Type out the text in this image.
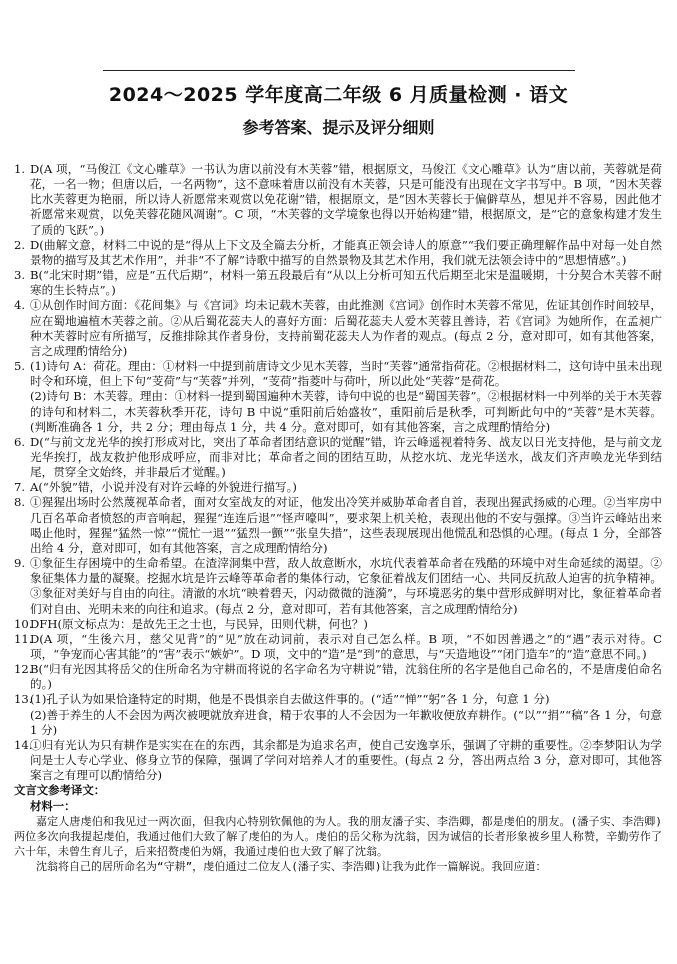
2024～2025 学年度高二年级 6 月质量检测 · 语文
参考答案、提示及评分细则
1. D(A 项，“马俊江《文心雕草》一书认为唐以前没有木芙蓉”错，根据原文，马俊江《文心雕草》认为“唐以前，芙蓉就是荷花，一名一物；但唐以后，一名两物”，这不意味着唐以前没有木芙蓉，只是可能没有出现在文字书写中。B 项，“因木芙蓉比水芙蓉更为艳丽，所以诗人祈愿常来观赏以免花谢”错，根据原文，是“因木芙蓉长于偏僻草丛，想见并不容易，因此他才祈愿常来观赏，以免芙蓉花随风凋谢”。C 项，“木芙蓉的文学境象也得以开始构建”错，根据原文，是“它的意象构建才发生了质的飞跃”。)
2. D(曲解文意，材料二中说的是“得从上下文及全篇去分析，才能真正领会诗人的原意”“我们要正确理解作品中对每一处自然景物的描写及其艺术作用”，并非“不了解”诗歌中描写的自然景物及其艺术作用，我们就无法领会诗中的“思想情感”。)
3. B(“北宋时期”错，应是“五代后期”，材料一第五段最后有“从以上分析可知五代后期至北宋是温暖期，十分契合木芙蓉不耐寒的生长特点”。)
4. ①从创作时间方面：《花间集》与《宫词》均未记载木芙蓉，由此推测《宫词》创作时木芙蓉不常见，佐证其创作时间较早，应在蜀地遍植木芙蓉之前。②从后蜀花蕊夫人的喜好方面：后蜀花蕊夫人爱木芙蓉且善诗，若《宫词》为她所作，在孟昶广种木芙蓉时应有所描写，反推排除其作者身份，支持前蜀花蕊夫人为作者的观点。(每点 2 分，意对即可，如有其他答案，言之成理酌情给分)
5. (1)诗句 A：荷花。理由：①材料一中提到前唐诗文少见木芙蓉，当时“芙蓉”通常指荷花。②根据材料二，这句诗中虽未出现时令和环境，但上下句“芰荷”与“芙蓉”并列，“芰荷”指菱叶与荷叶，所以此处“芙蓉”是荷花。
(2)诗句 B：木芙蓉。理由：①材料一提到蜀国遍种木芙蓉，诗句中说的也是“蜀国芙蓉”。②根据材料一中列举的关于木芙蓉的诗句和材料二，木芙蓉秋季开花，诗句 B 中说“重阳前后始盛妆”，重阳前后是秋季，可判断此句中的“芙蓉”是木芙蓉。(判断准确各 1 分，共 2 分；理由每点 1 分，共 4 分。意对即可，如有其他答案，言之成理酌情给分)
6. D(“与前文龙光华的挨打形成对比，突出了革命者团结意识的觉醒”错，许云峰遥视着特务、战友以日光支持他，是与前文龙光华挨打，战友救护他形成呼应，而非对比；革命者之间的团结互助，从挖水坑、龙光华送水，战友们齐声唤龙光华到结尾，贯穿全文始终，并非最后才觉醒。)
7. A(“外貌”错，小说并没有对许云峰的外貌进行描写。)
8. ①猩猩出场时公然蔑视革命者，面对女室战友的对证，他发出冷笑并威胁革命者自首，表现出猩武扬威的心理。②当牢房中几百名革命者愤怒的声音响起，猩猩“连连后退”“怪声嚎叫”，要求架上机关枪，表现出他的不安与强撑。③当许云峰站出来喝止他时，猩猩“猛然一惊”“慌忙一退”“猛烈一颤”“张皇失措”，这些表现展现出他慌乱和恐惧的心理。(每点 1 分，全部答出给 4 分，意对即可，如有其他答案，言之成理酌情给分)
9. ①象征生存困境中的生命希望。在渣滓洞集中营，敌人故意断水，水坑代表着革命者在残酷的环境中对生命延续的渴望。②象征集体力量的凝聚。挖掘水坑是许云峰等革命者的集体行动，它象征着战友们团结一心、共同反抗敌人迫害的抗争精神。③象征对美好与自由的向往。清澈的水坑“映着碧天，闪动微微的涟漪”，与环境恶劣的集中营形成鲜明对比，象征着革命者们对自由、光明未来的向往和追求。(每点 2 分，意对即可，若有其他答案，言之成理酌情给分)
10.
DFH(原文标点为：是故先王之士也，与民异，田则代耕，何也？)
11.
D(A 项，“生後六月，慈父见背”的“见”放在动词前，表示对自己怎么样。B 项，“不如因善遇之”的“遇”表示对待。C 项，“争宠而心害其能”的“害”表示“嫉妒”。D 项，文中的“造”是“到”的意思，与“天造地设”“闭门造车”的“造”意思不同。)
12.
B(“归有光因其将岳父的住所命名为守耕而将说的名字命名为守耕说”错，沈翁住所的名字是他自己命名的，不是唐虔伯命名的。)
13.
(1)孔子认为如果恰逢特定的时期，他是不畏惧亲自去做这件事的。(“适”“惮”“躬”各 1 分，句意 1 分)
(2)善于养生的人不会因为两次被哽就放弃进食，精于农事的人不会因为一年歉收便放弃耕作。(“以”“捐”“稿”各 1 分，句意 1 分)
14.
①归有光认为只有耕作是实实在在的东西，其余都是为追求名声，使自己安逸享乐，强调了守耕的重要性。②李梦阳认为学问是士人专心学业、修身立节的保障，强调了学问对培养人才的重要性。(每点 2 分，答出两点给 3 分，意对即可，其他答案言之有理可以酌情给分)
文言文参考译文：
材料一：
嘉定人唐虔伯和我见过一两次面，但我内心特别钦佩他的为人。我的朋友潘子实、李浩卿，都是虔伯的朋友。(潘子实、李浩卿)两位多次向我提起虔伯，我通过他们大致了解了虔伯的为人。虔伯的岳父称为沈翁，因为诚信的长者形象被乡里人称赞，辛勤劳作了六十年，未曾生育儿子，后来招赘虔伯为婿，我通过虔伯也大致了解了沈翁。
沈翁将自己的居所命名为“守耕”，虔伯通过二位友人(潘子实、李浩卿)让我为此作一篇解说。我回应道：
